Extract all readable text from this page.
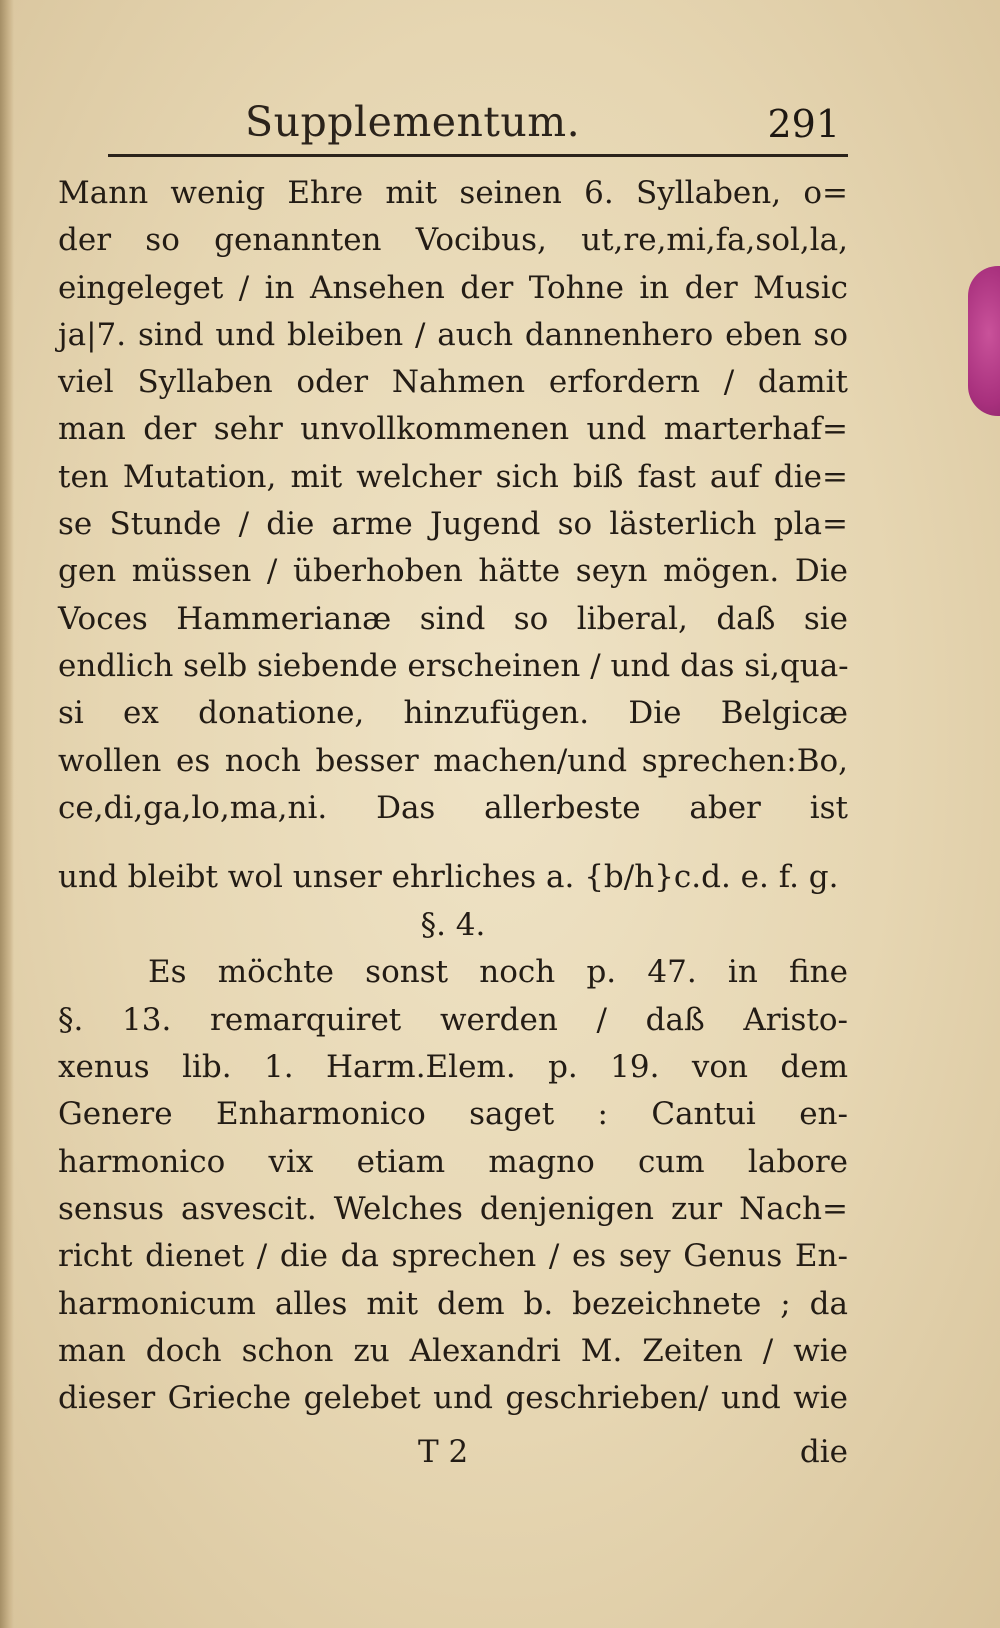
Supplementum.	291
Mann wenig Ehre mit seinen 6. Syllaben, o=
der so genannten Vocibus, ut,re,mi,fa,sol,la,
eingeleget / in Ansehen der Tohne in der Music
ja|7. sind und bleiben / auch dannenhero eben so
viel Syllaben oder Nahmen erfordern / damit
man der sehr unvollkommenen und marterhaf=
ten Mutation, mit welcher sich biß fast auf die=
se Stunde / die arme Jugend so lästerlich pla=
gen müssen / überhoben hätte seyn mögen. Die
Voces Hammerianæ sind so liberal, daß sie
endlich selb siebende erscheinen / und das si,qua-
si ex donatione, hinzufügen. Die Belgicæ
wollen es noch besser machen/und sprechen:Bo,
ce,di,ga,lo,ma,ni. Das allerbeste aber ist
und bleibt wol unser ehrliches a. {b/h}c.d. e. f. g.
§. 4.
Es möchte sonst noch p. 47. in fine
§. 13. remarquiret werden / daß Aristo-
xenus lib. 1. Harm.Elem. p. 19. von dem
Genere Enharmonico saget : Cantui en-
harmonico vix etiam magno cum labore
sensus asvescit. Welches denjenigen zur Nach=
richt dienet / die da sprechen / es sey Genus En-
harmonicum alles mit dem b. bezeichnete ; da
man doch schon zu Alexandri M. Zeiten / wie
dieser Grieche gelebet und geschrieben/ und wie
T 2	die
